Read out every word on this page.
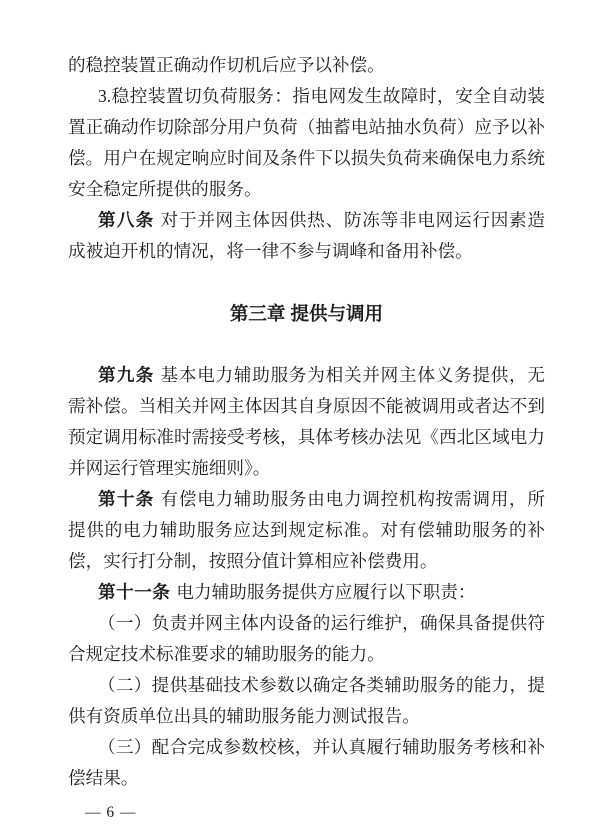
的稳控装置正确动作切机后应予以补偿。

3.稳控装置切负荷服务：指电网发生故障时，安全自动装置正确动作切除部分用户负荷（抽蓄电站抽水负荷）应予以补偿。用户在规定响应时间及条件下以损失负荷来确保电力系统安全稳定所提供的服务。

第八条 对于并网主体因供热、防冻等非电网运行因素造成被迫开机的情况，将一律不参与调峰和备用补偿。

第三章 提供与调用

第九条 基本电力辅助服务为相关并网主体义务提供，无需补偿。当相关并网主体因其自身原因不能被调用或者达不到预定调用标准时需接受考核，具体考核办法见《西北区域电力并网运行管理实施细则》。

第十条 有偿电力辅助服务由电力调控机构按需调用，所提供的电力辅助服务应达到规定标准。对有偿辅助服务的补偿，实行打分制，按照分值计算相应补偿费用。

第十一条 电力辅助服务提供方应履行以下职责：

（一）负责并网主体内设备的运行维护，确保具备提供符合规定技术标准要求的辅助服务的能力。

（二）提供基础技术参数以确定各类辅助服务的能力，提供有资质单位出具的辅助服务能力测试报告。

（三）配合完成参数校核，并认真履行辅助服务考核和补偿结果。

— 6 —
